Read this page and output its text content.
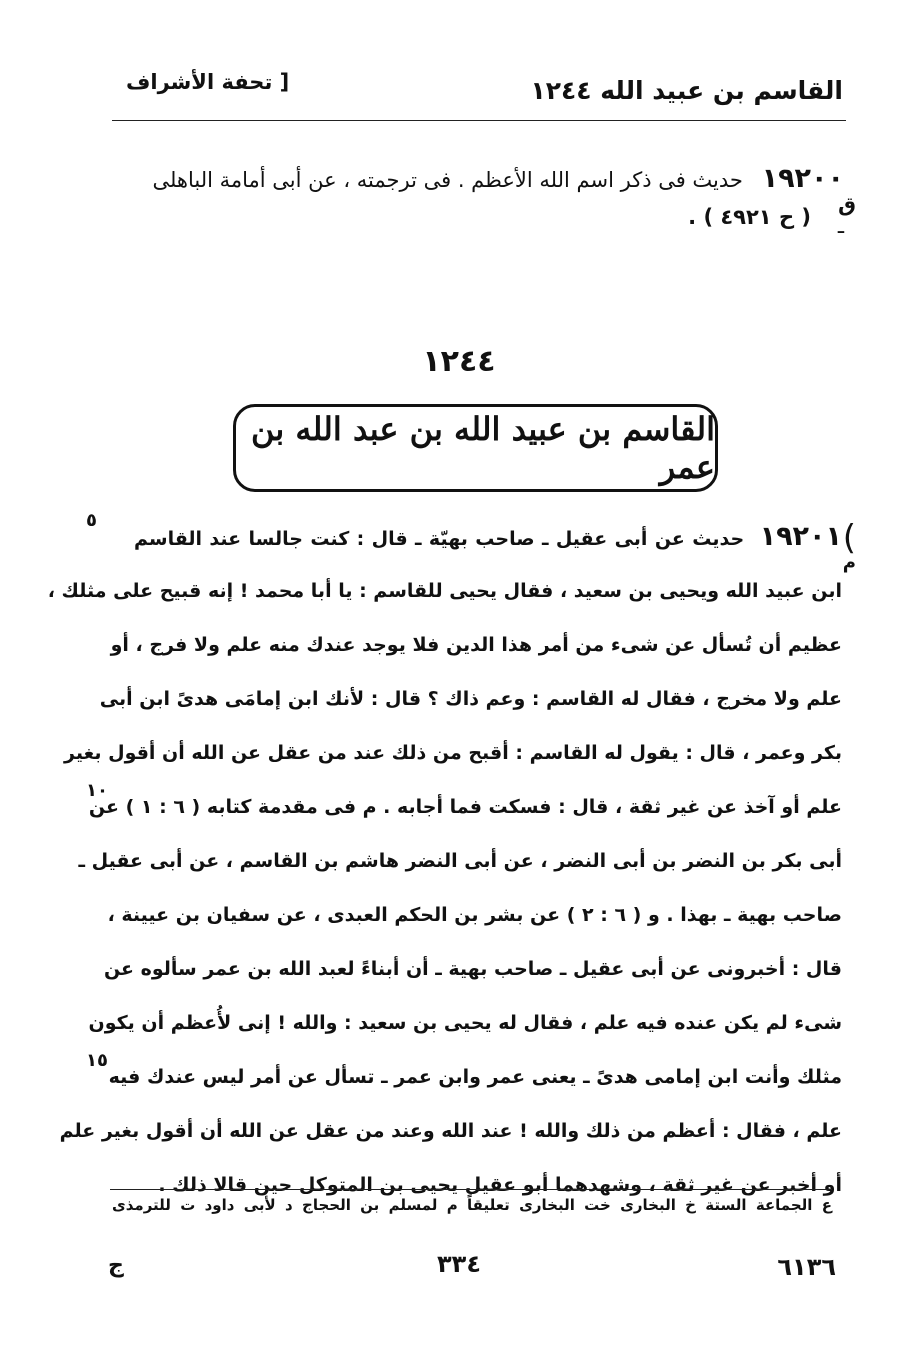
[ تحفة الأشراف	القاسم بن عبيد الله ١٢٤٤
١٩٢٠٠ حديث فى ذكر اسم الله الأعظم . فى ترجمته ، عن أبى أمامة الباهلى ـ
ق
( ح ٤٩٢١ ) .
١٢٤٤
القاسم بن عبيد الله بن عبد الله بن عمر
(
م
١٩٢٠١ حديث عن أبى عقيل ـ صاحب بهيّة ـ قال : كنت جالسا عند القاسم
ابن عبيد الله ويحيى بن سعيد ، فقال يحيى للقاسم : يا أبا محمد ! إنه قبيح على مثلك ،
عظيم أن تُسأل عن شىء من أمر هذا الدين فلا يوجد عندك منه علم ولا فرج ، أو
علم ولا مخرج ، فقال له القاسم : وعم ذاك ؟ قال : لأنك ابن إمامَى هدىً ابن أبى
بكر وعمر ، قال : يقول له القاسم : أقبح من ذلك عند من عقل عن الله أن أقول بغير
علم أو آخذ عن غير ثقة ، قال : فسكت فما أجابه . م فى مقدمة كتابه ( ٦ : ١ ) عن
أبى بكر بن النضر بن أبى النضر ، عن أبى النضر هاشم بن القاسم ، عن أبى عقيل ـ
صاحب بهية ـ بهذا . و ( ٦ : ٢ ) عن بشر بن الحكم العبدى ، عن سفيان بن عيينة ،
قال : أخبرونى عن أبى عقيل ـ صاحب بهية ـ أن أبناءً لعبد الله بن عمر سألوه عن
شىء لم يكن عنده فيه علم ، فقال له يحيى بن سعيد : والله ! إنى لأُعظم أن يكون
مثلك وأنت ابن إمامى هدىً ـ يعنى عمر وابن عمر ـ تسأل عن أمر ليس عندك فيه
علم ، فقال : أعظم من ذلك والله ! عند الله وعند من عقل عن الله أن أقول بغير علم
أو أخبر عن غير ثقة ، وشهدهما أبو عقيل يحيى بن المتوكل حين قالا ذلك .
٥
١٠
١٥
ع الجماعة الستة خ البخارى خت البخارى تعليقاً م لمسلم بن الحجاج د لأبى داود ت للترمذى
ج	٣٣٤	٦١٣٦
